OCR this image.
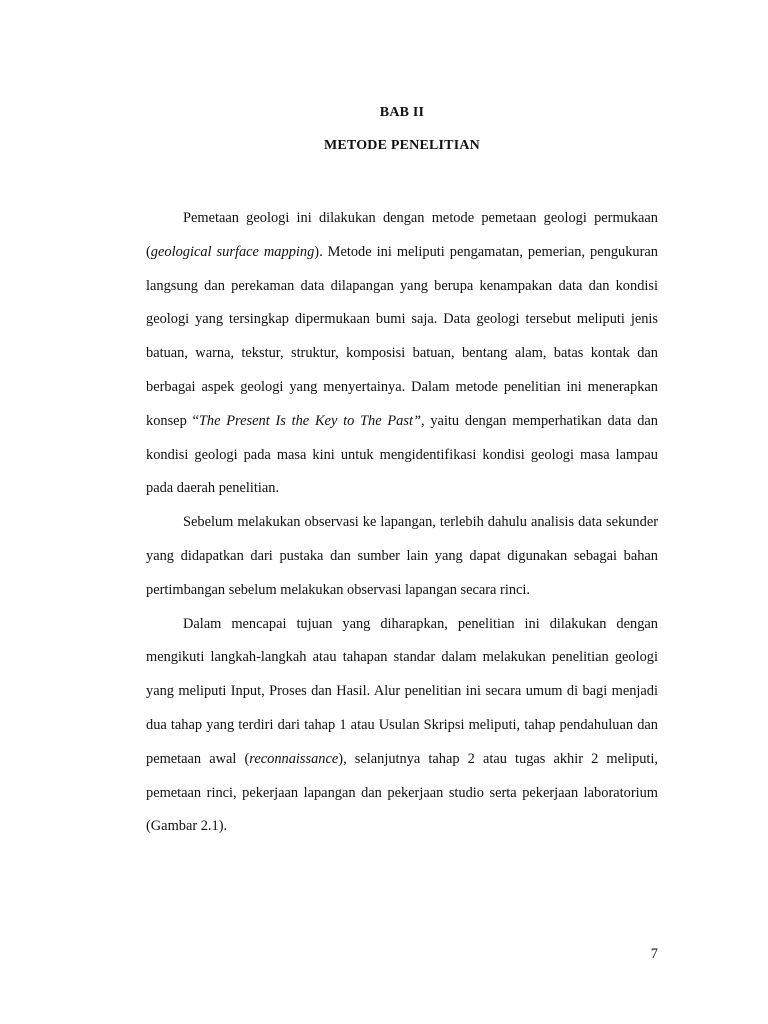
BAB II
METODE PENELITIAN

Pemetaan geologi ini dilakukan dengan metode pemetaan geologi permukaan (geological surface mapping). Metode ini meliputi pengamatan, pemerian, pengukuran langsung dan perekaman data dilapangan yang berupa kenampakan data dan kondisi geologi yang tersingkap dipermukaan bumi saja. Data geologi tersebut meliputi jenis batuan, warna, tekstur, struktur, komposisi batuan, bentang alam, batas kontak dan berbagai aspek geologi yang menyertainya. Dalam metode penelitian ini menerapkan konsep “The Present Is the Key to The Past”, yaitu dengan memperhatikan data dan kondisi geologi pada masa kini untuk mengidentifikasi kondisi geologi masa lampau pada daerah penelitian.

Sebelum melakukan observasi ke lapangan, terlebih dahulu analisis data sekunder yang didapatkan dari pustaka dan sumber lain yang dapat digunakan sebagai bahan pertimbangan sebelum melakukan observasi lapangan secara rinci.

Dalam mencapai tujuan yang diharapkan, penelitian ini dilakukan dengan mengikuti langkah-langkah atau tahapan standar dalam melakukan penelitian geologi yang meliputi Input, Proses dan Hasil. Alur penelitian ini secara umum di bagi menjadi dua tahap yang terdiri dari tahap 1 atau Usulan Skripsi meliputi, tahap pendahuluan dan pemetaan awal (reconnaissance), selanjutnya tahap 2 atau tugas akhir 2 meliputi, pemetaan rinci, pekerjaan lapangan dan pekerjaan studio serta pekerjaan laboratorium (Gambar 2.1).

7
